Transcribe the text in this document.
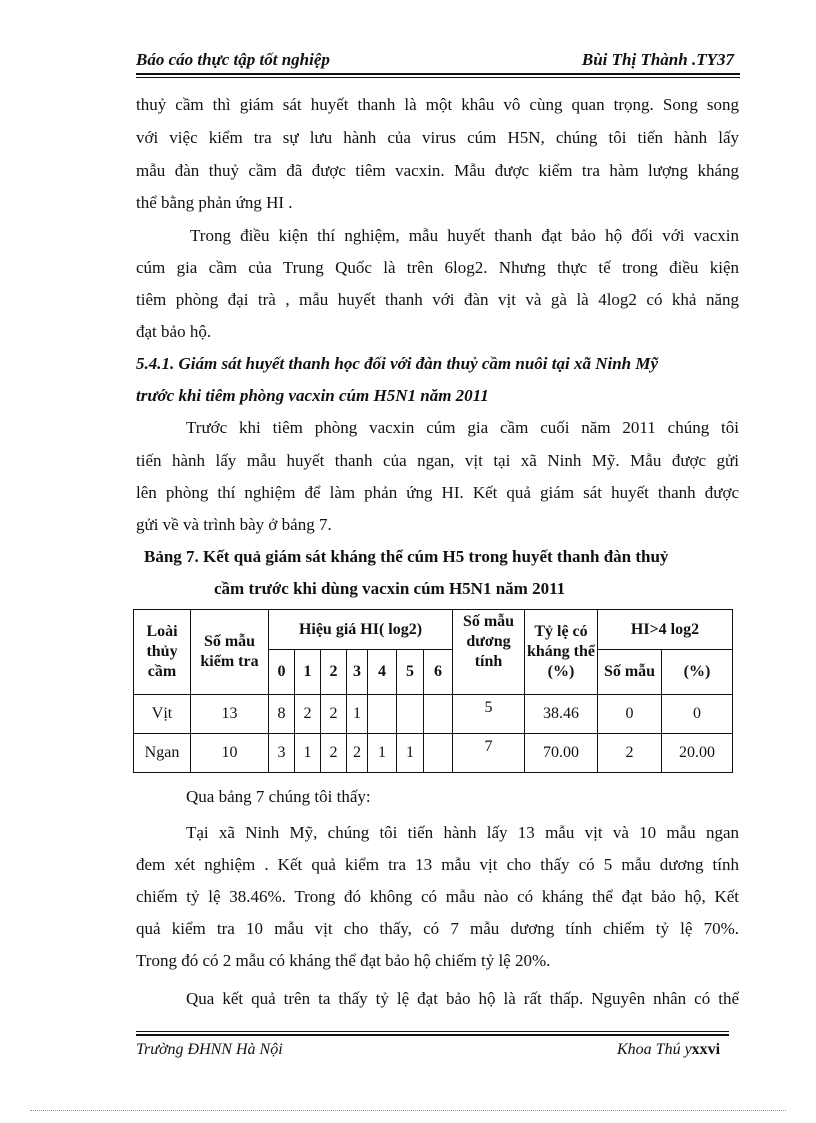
Báo cáo thực tập tốt nghiệp	Bùi Thị Thành .TY37
thuỷ cầm thì giám sát huyết thanh là một khâu vô cùng quan trọng. Song song
với việc kiểm tra sự lưu hành của virus cúm H5N, chúng tôi tiến hành lấy
mẫu đàn thuỷ cầm đã được tiêm vacxin. Mẫu được kiểm tra hàm lượng kháng
thể bằng phản ứng HI .
Trong điều kiện thí nghiệm, mẫu huyết thanh đạt bảo hộ đối với vacxin
cúm gia cầm của Trung Quốc là trên 6log2. Nhưng thực tế trong điều kiện
tiêm phòng đại trà , mẫu huyết thanh với đàn vịt và gà là 4log2 có khả năng
đạt bảo hộ.
5.4.1. Giám sát huyết thanh học đối với đàn thuỷ cầm nuôi tại xã Ninh Mỹ
trước khi tiêm phòng vacxin cúm H5N1 năm 2011
Trước khi tiêm phòng vacxin cúm gia cầm cuối năm 2011 chúng tôi
tiến hành lấy mẫu huyết thanh của ngan, vịt tại xã Ninh Mỹ. Mẫu được gửi
lên phòng thí nghiệm để làm phản ứng HI. Kết quả giám sát huyết thanh được
gửi về và trình bày ở bảng 7.
Bảng 7. Kết quả giám sát kháng thể cúm H5 trong huyết thanh đàn thuỷ
cầm trước khi dùng vacxin cúm H5N1 năm 2011
Loài thủy cầm	Số mẫu kiểm tra	Hiệu giá HI( log2)							Số mẫu dương tính	Tỷ lệ có kháng thể (%)	HI>4 log2	
		0	1	2	3	4	5	6			Số mẫu	(%)
Vịt	13	8	2	2	1				5	38.46	0	0
Ngan	10	3	1	2	2	1	1		7	70.00	2	20.00
Qua bảng 7 chúng tôi thấy:
Tại xã Ninh Mỹ, chúng tôi tiến hành lấy 13 mẫu vịt và 10 mẫu ngan
đem xét nghiệm . Kết quả kiểm tra 13 mẫu vịt cho thấy có 5 mẫu dương tính
chiếm tỷ lệ 38.46%. Trong đó không có mẫu nào có kháng thể đạt bảo hộ, Kết
quả kiểm tra 10 mẫu vịt cho thấy, có 7 mẫu dương tính chiếm tỷ lệ 70%.
Trong đó có 2 mẫu có kháng thể đạt bảo hộ chiếm tỷ lệ 20%.
Qua kết quả trên ta thấy tỷ lệ đạt bảo hộ là rất thấp. Nguyên nhân có thể
Trường ĐHNN Hà Nội	Khoa Thú yxxvi
